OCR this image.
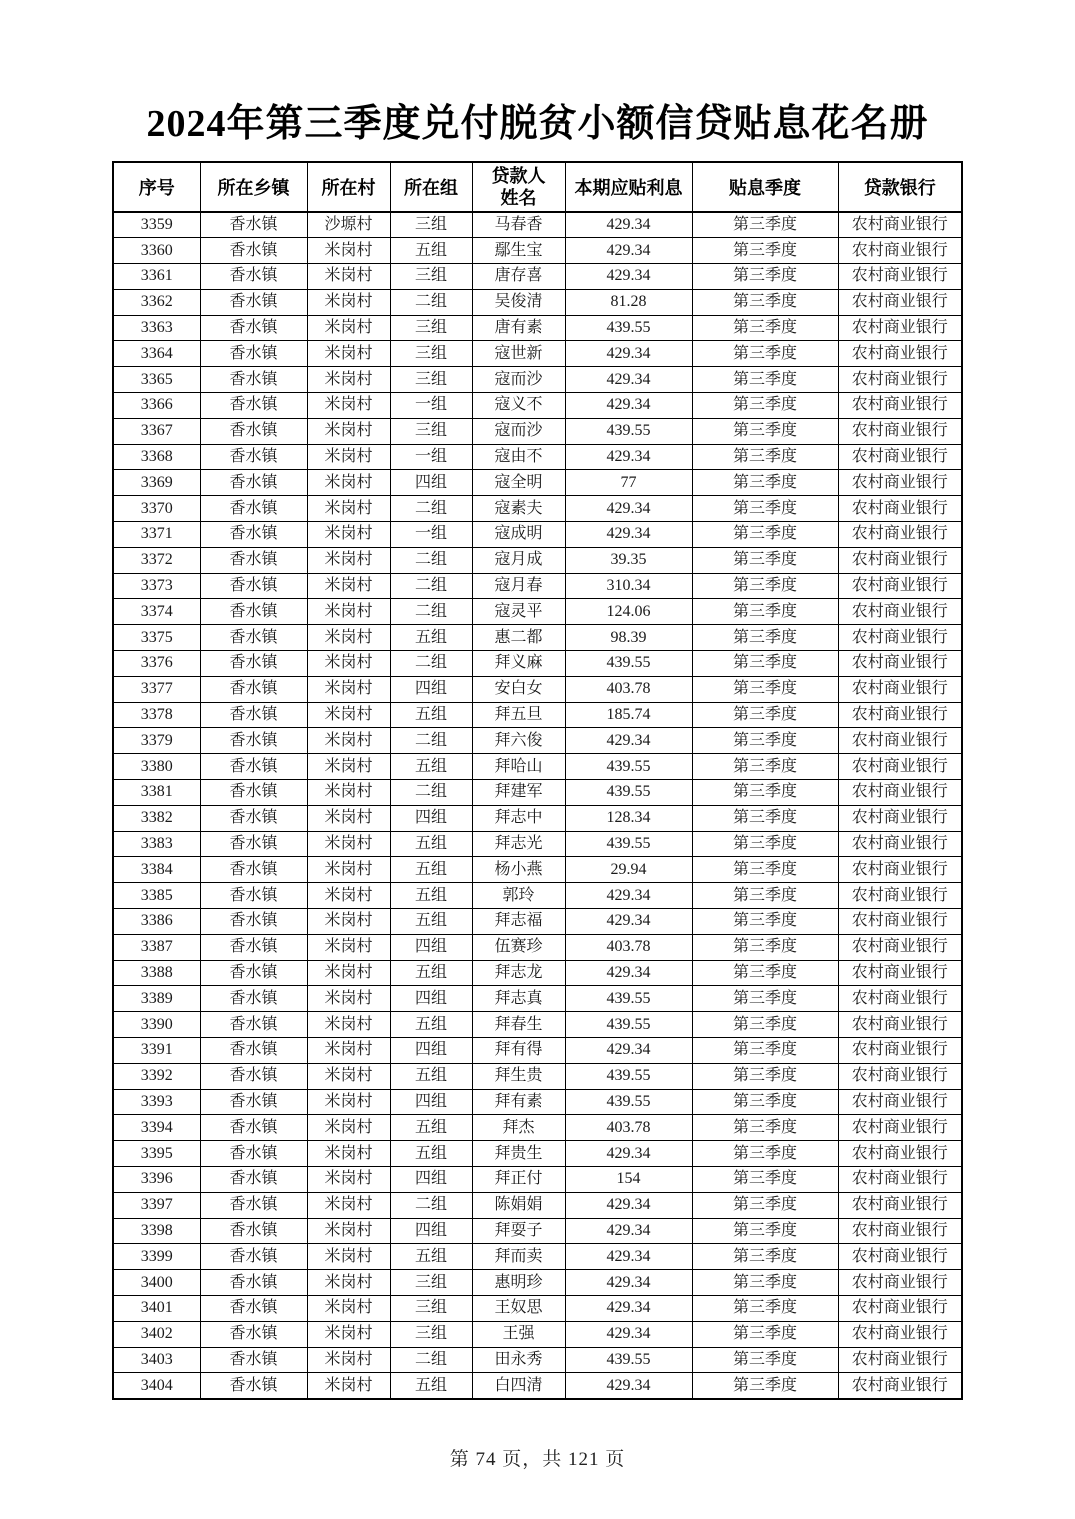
2024年第三季度兑付脱贫小额信贷贴息花名册
序号	所在乡镇	所在村	所在组	贷款人姓名	本期应贴利息	贴息季度	贷款银行
3359	香水镇	沙塬村	三组	马春香	429.34	第三季度	农村商业银行
3360	香水镇	米岗村	五组	鄢生宝	429.34	第三季度	农村商业银行
3361	香水镇	米岗村	三组	唐存喜	429.34	第三季度	农村商业银行
3362	香水镇	米岗村	二组	吴俊清	81.28	第三季度	农村商业银行
3363	香水镇	米岗村	三组	唐有素	439.55	第三季度	农村商业银行
3364	香水镇	米岗村	三组	寇世新	429.34	第三季度	农村商业银行
3365	香水镇	米岗村	三组	寇而沙	429.34	第三季度	农村商业银行
3366	香水镇	米岗村	一组	寇义不	429.34	第三季度	农村商业银行
3367	香水镇	米岗村	三组	寇而沙	439.55	第三季度	农村商业银行
3368	香水镇	米岗村	一组	寇由不	429.34	第三季度	农村商业银行
3369	香水镇	米岗村	四组	寇全明	77	第三季度	农村商业银行
3370	香水镇	米岗村	二组	寇素夫	429.34	第三季度	农村商业银行
3371	香水镇	米岗村	一组	寇成明	429.34	第三季度	农村商业银行
3372	香水镇	米岗村	二组	寇月成	39.35	第三季度	农村商业银行
3373	香水镇	米岗村	二组	寇月春	310.34	第三季度	农村商业银行
3374	香水镇	米岗村	二组	寇灵平	124.06	第三季度	农村商业银行
3375	香水镇	米岗村	五组	惠二都	98.39	第三季度	农村商业银行
3376	香水镇	米岗村	二组	拜义麻	439.55	第三季度	农村商业银行
3377	香水镇	米岗村	四组	安白女	403.78	第三季度	农村商业银行
3378	香水镇	米岗村	五组	拜五旦	185.74	第三季度	农村商业银行
3379	香水镇	米岗村	二组	拜六俊	429.34	第三季度	农村商业银行
3380	香水镇	米岗村	五组	拜哈山	439.55	第三季度	农村商业银行
3381	香水镇	米岗村	二组	拜建军	439.55	第三季度	农村商业银行
3382	香水镇	米岗村	四组	拜志中	128.34	第三季度	农村商业银行
3383	香水镇	米岗村	五组	拜志光	439.55	第三季度	农村商业银行
3384	香水镇	米岗村	五组	杨小燕	29.94	第三季度	农村商业银行
3385	香水镇	米岗村	五组	郭玲	429.34	第三季度	农村商业银行
3386	香水镇	米岗村	五组	拜志福	429.34	第三季度	农村商业银行
3387	香水镇	米岗村	四组	伍赛珍	403.78	第三季度	农村商业银行
3388	香水镇	米岗村	五组	拜志龙	429.34	第三季度	农村商业银行
3389	香水镇	米岗村	四组	拜志真	439.55	第三季度	农村商业银行
3390	香水镇	米岗村	五组	拜春生	439.55	第三季度	农村商业银行
3391	香水镇	米岗村	四组	拜有得	429.34	第三季度	农村商业银行
3392	香水镇	米岗村	五组	拜生贵	439.55	第三季度	农村商业银行
3393	香水镇	米岗村	四组	拜有素	439.55	第三季度	农村商业银行
3394	香水镇	米岗村	五组	拜杰	403.78	第三季度	农村商业银行
3395	香水镇	米岗村	五组	拜贵生	429.34	第三季度	农村商业银行
3396	香水镇	米岗村	四组	拜正付	154	第三季度	农村商业银行
3397	香水镇	米岗村	二组	陈娟娟	429.34	第三季度	农村商业银行
3398	香水镇	米岗村	四组	拜耍子	429.34	第三季度	农村商业银行
3399	香水镇	米岗村	五组	拜而卖	429.34	第三季度	农村商业银行
3400	香水镇	米岗村	三组	惠明珍	429.34	第三季度	农村商业银行
3401	香水镇	米岗村	三组	王奴思	429.34	第三季度	农村商业银行
3402	香水镇	米岗村	三组	王强	429.34	第三季度	农村商业银行
3403	香水镇	米岗村	二组	田永秀	439.55	第三季度	农村商业银行
3404	香水镇	米岗村	五组	白四清	429.34	第三季度	农村商业银行
第 74 页，共 121 页
